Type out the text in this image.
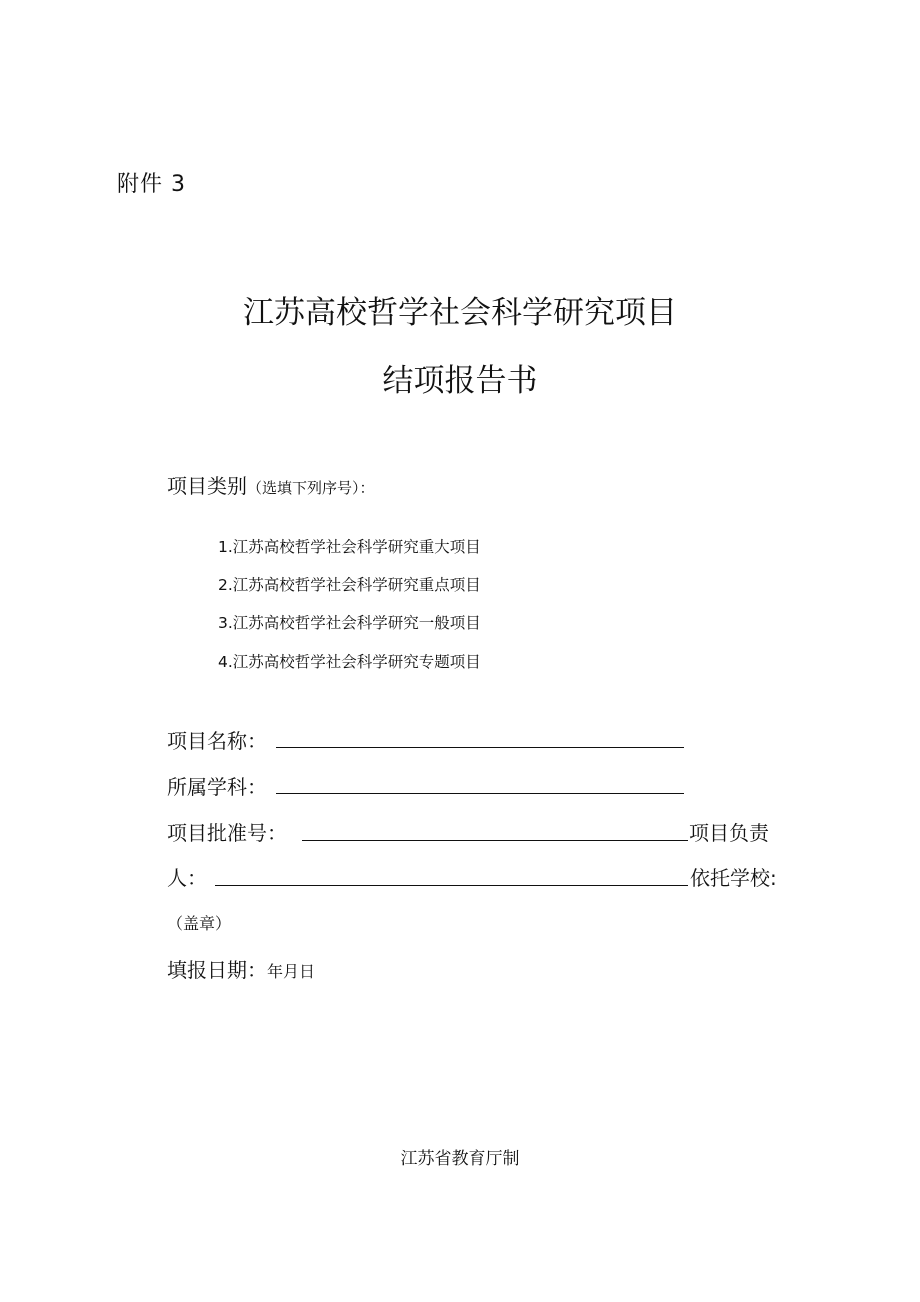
附件 3
江苏高校哲学社会科学研究项目
结项报告书
项目类别（选填下列序号）：
1.江苏高校哲学社会科学研究重大项目
2.江苏高校哲学社会科学研究重点项目
3.江苏高校哲学社会科学研究一般项目
4.江苏高校哲学社会科学研究专题项目
项目名称：
所属学科：
项目批准号：	项目负责
人：	依托学校:
（盖章）
填报日期：年月日
江苏省教育厅制
